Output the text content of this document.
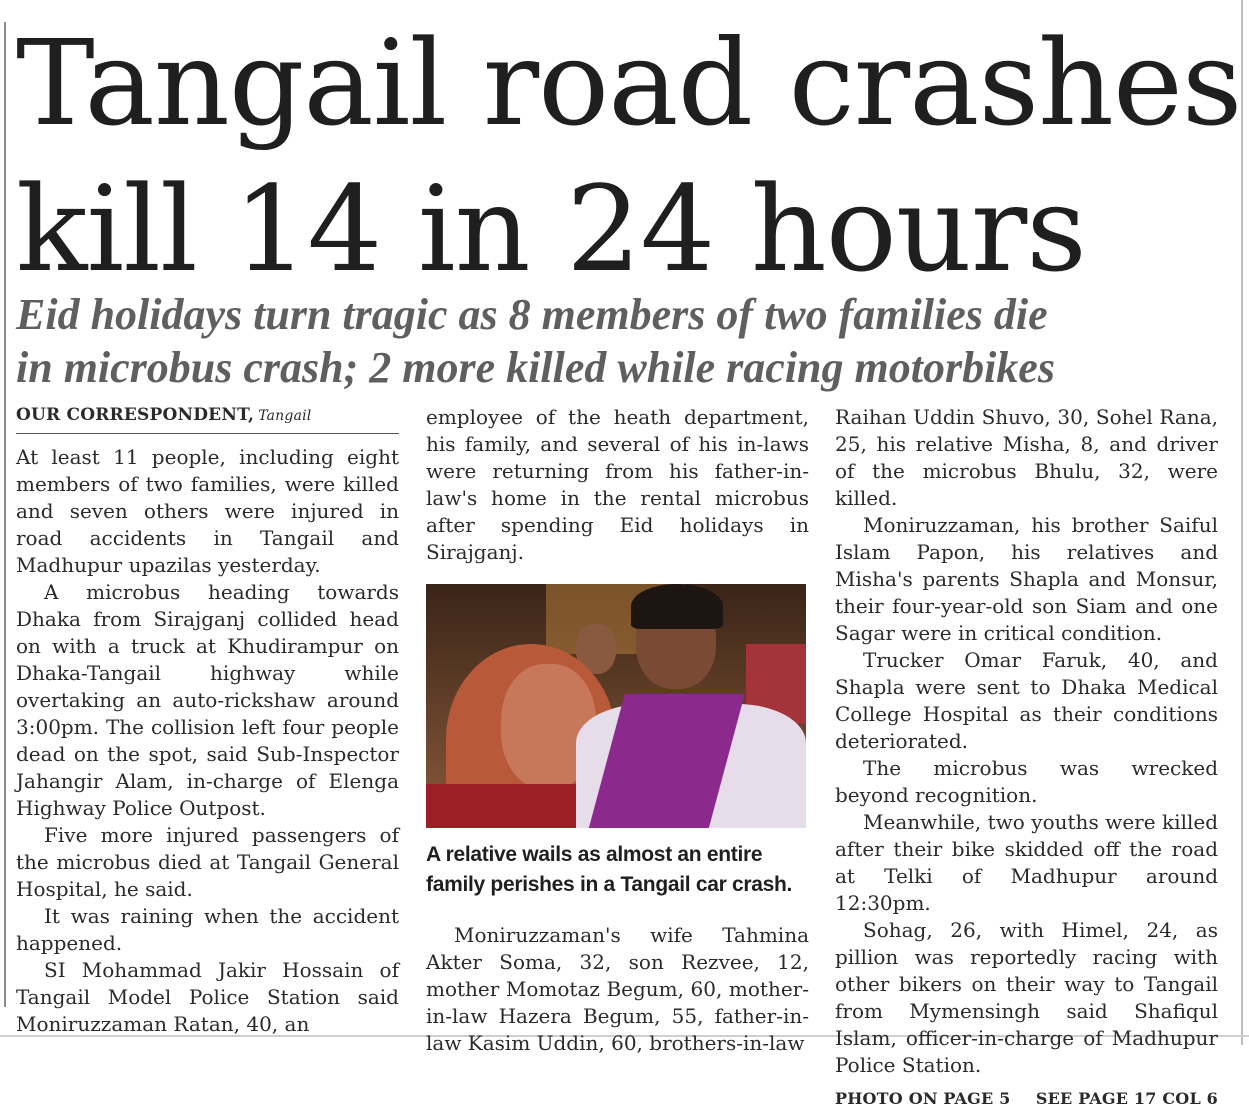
Tangail road crashes
kill 14 in 24 hours
Eid holidays turn tragic as 8 members of two families die
in microbus crash; 2 more killed while racing motorbikes
OUR CORRESPONDENT, Tangail

At least 11 people, including eight members of two families, were killed and seven others were injured in road accidents in Tangail and Madhupur upazilas yesterday.

A microbus heading towards Dhaka from Sirajganj collided head on with a truck at Khudirampur on Dhaka-Tangail highway while overtaking an auto-rickshaw around 3:00pm. The collision left four people dead on the spot, said Sub-Inspector Jahangir Alam, in-charge of Elenga Highway Police Outpost.

Five more injured passengers of the microbus died at Tangail General Hospital, he said.

It was raining when the accident happened.

SI Mohammad Jakir Hossain of Tangail Model Police Station said Moniruzzaman Ratan, 40, an

employee of the heath department, his family, and several of his in-laws were returning from his father-in-law's home in the rental microbus after spending Eid holidays in Sirajganj.

A relative wails as almost an entire family perishes in a Tangail car crash.

Moniruzzaman's wife Tahmina Akter Soma, 32, son Rezvee, 12, mother Momotaz Begum, 60, mother-in-law Hazera Begum, 55, father-in-law Kasim Uddin, 60, brothers-in-law

Raihan Uddin Shuvo, 30, Sohel Rana, 25, his relative Misha, 8, and driver of the microbus Bhulu, 32, were killed.

Moniruzzaman, his brother Saiful Islam Papon, his relatives and Misha's parents Shapla and Monsur, their four-year-old son Siam and one Sagar were in critical condition.

Trucker Omar Faruk, 40, and Shapla were sent to Dhaka Medical College Hospital as their conditions deteriorated.

The microbus was wrecked beyond recognition.

Meanwhile, two youths were killed after their bike skidded off the road at Telki of Madhupur around 12:30pm.

Sohag, 26, with Himel, 24, as pillion was reportedly racing with other bikers on their way to Tangail from Mymensingh said Shafiqul Islam, officer-in-charge of Madhupur Police Station.

PHOTO ON PAGE 5 SEE PAGE 17 COL 6
